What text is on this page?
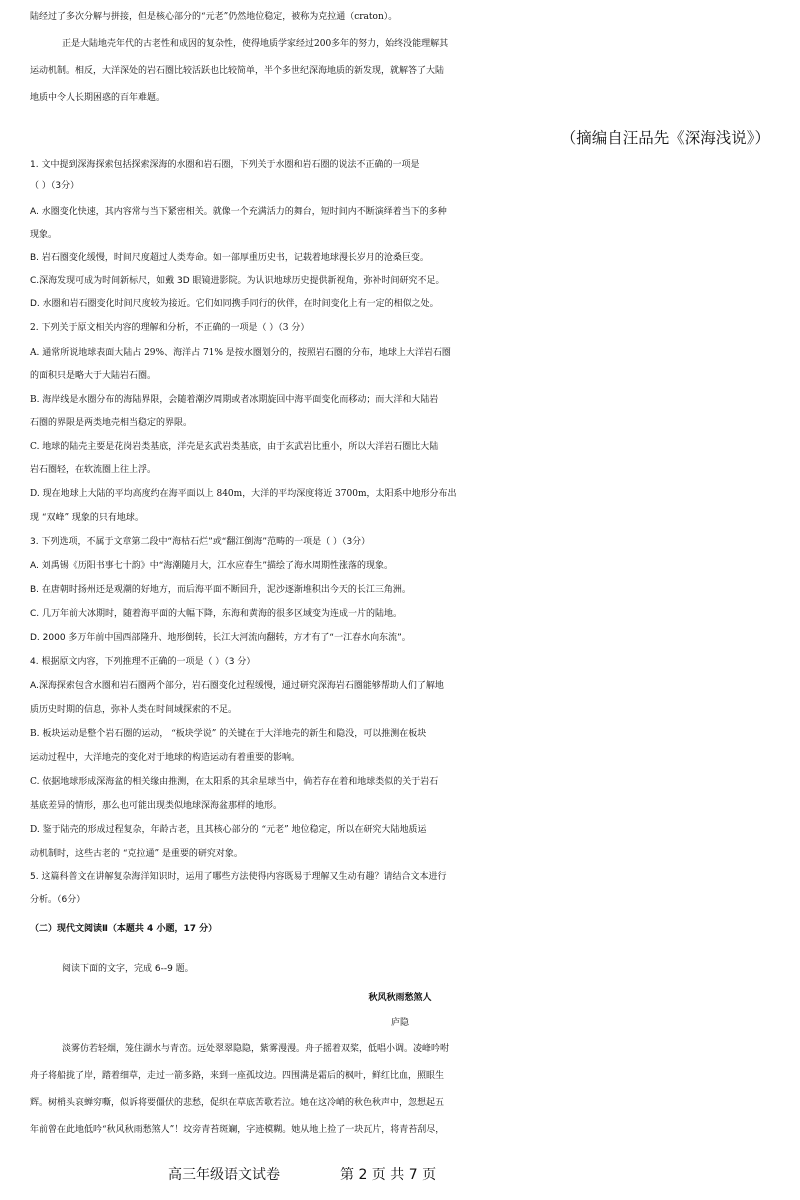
陆经过了多次分解与拼接，但是核心部分的“元老”仍然地位稳定，被称为克拉通（craton）。
正是大陆地壳年代的古老性和成因的复杂性，使得地质学家经过200多年的努力，始终没能理解其
运动机制。相反，大洋深处的岩石圈比较活跃也比较简单，半个多世纪深海地质的新发现，就解答了大陆
地质中令人长期困惑的百年难题。
（摘编自汪品先《深海浅说》）
1. 文中提到深海探索包括探索深海的水圈和岩石圈，下列关于水圈和岩石圈的说法不正确的一项是
（ ）（3分）
A. 水圈变化快速，其内容常与当下紧密相关。就像一个充满活力的舞台，短时间内不断演绎着当下的多种
现象。
B. 岩石圈变化缓慢，时间尺度超过人类寿命。如一部厚重历史书，记载着地球漫长岁月的沧桑巨变。
C.深海发现可成为时间新标尺，如戴 3D 眼镜进影院。为认识地球历史提供新视角，弥补时间研究不足。
D. 水圈和岩石圈变化时间尺度较为接近。它们如同携手同行的伙伴，在时间变化上有一定的相似之处。
2. 下列关于原文相关内容的理解和分析，不正确的一项是（ ）（3 分）
A. 通常所说地球表面大陆占 29%、海洋占 71% 是按水圈划分的，按照岩石圈的分布，地球上大洋岩石圈
的面积只是略大于大陆岩石圈。
B. 海岸线是水圈分布的海陆界限，会随着潮汐周期或者冰期旋回中海平面变化而移动；而大洋和大陆岩
石圈的界限是两类地壳相当稳定的界限。
C. 地球的陆壳主要是花岗岩类基底，洋壳是玄武岩类基底，由于玄武岩比重小，所以大洋岩石圈比大陆
岩石圈轻，在软流圈上往上浮。
D. 现在地球上大陆的平均高度约在海平面以上 840m，大洋的平均深度将近 3700m，太阳系中地形分布出
现 “双峰” 现象的只有地球。
3. 下列选项，不属于文章第二段中“海枯石烂”或“翻江倒海”范畴的一项是（ ）（3分）
A. 刘禹锡《历阳书事七十韵》中“海潮随月大，江水应春生”描绘了海水周期性涨落的现象。
B. 在唐朝时扬州还是观潮的好地方，而后海平面不断回升，泥沙逐渐堆积出今天的长江三角洲。
C. 几万年前大冰期时，随着海平面的大幅下降，东海和黄海的很多区域变为连成一片的陆地。
D. 2000 多万年前中国西部隆升、地形倒转，长江大河流向翻转，方才有了“一江春水向东流”。
4. 根据原文内容，下列推理不正确的一项是（ ）（3 分）
A.深海探索包含水圈和岩石圈两个部分，岩石圈变化过程缓慢，通过研究深海岩石圈能够帮助人们了解地
质历史时期的信息，弥补人类在时间域探索的不足。
B. 板块运动是整个岩石圈的运动， “板块学说” 的关键在于大洋地壳的新生和隐没，可以推测在板块
运动过程中，大洋地壳的变化对于地球的构造运动有着重要的影响。
C. 依据地球形成深海盆的相关缘由推测，在太阳系的其余星球当中，倘若存在着和地球类似的关于岩石
基底差异的情形，那么也可能出现类似地球深海盆那样的地形。
D. 鉴于陆壳的形成过程复杂，年龄古老，且其核心部分的 “元老” 地位稳定，所以在研究大陆地质运
动机制时，这些古老的 “克拉通” 是重要的研究对象。
5. 这篇科普文在讲解复杂海洋知识时，运用了哪些方法使得内容既易于理解又生动有趣？请结合文本进行
分析。（6分）
（二）现代文阅读Ⅱ（本题共 4 小题，17 分）
阅读下面的文字，完成 6--9 题。
秋风秋雨愁煞人
庐隐
淡雾仿若轻烟，笼住湖水与青峦。远处翠翠隐隐，紫雾漫漫。舟子摇着双桨，低唱小调。凌峰吟咐
舟子将船拢了岸，踏着细草，走过一箭多路，来到一座孤坟边。四围满是霜后的枫叶，鲜红比血，照眼生
辉。树梢头哀蝉穷嘶，似诉将要僵伏的悲愁，促织在草底苦歌若泣。她在这冷峭的秋色秋声中，忽想起五
年前曾在此地低吟“秋风秋雨愁煞人”！坟旁青苔斑斓，字迹模糊。她从地上捡了一块瓦片，将青苔刮尽，
高三年级语文试卷	第 2 页 共 7 页
